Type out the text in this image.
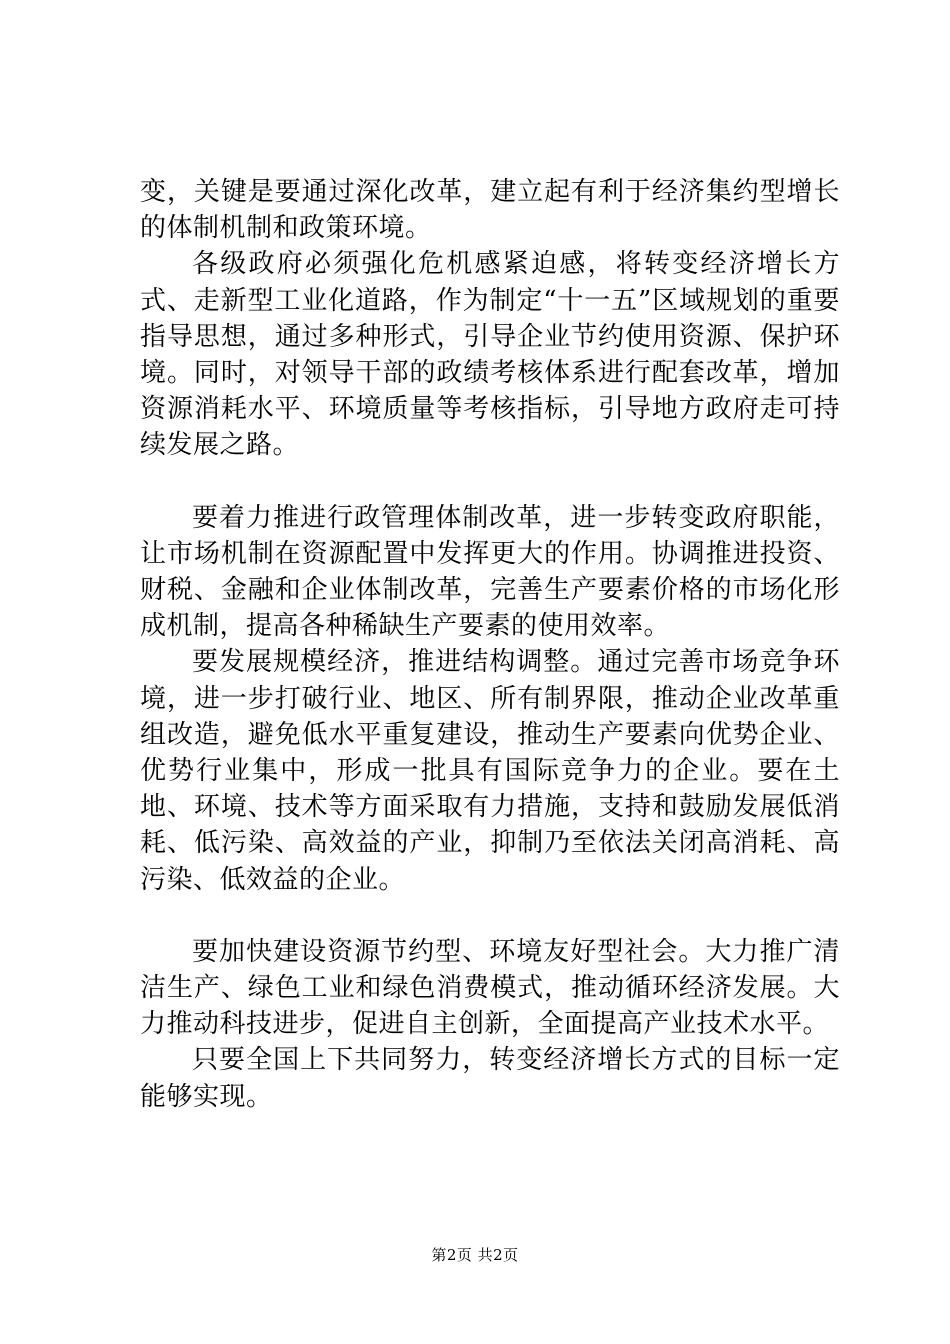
变，关键是要通过深化改革，建立起有利于经济集约型增长的体制机制和政策环境。

各级政府必须强化危机感紧迫感，将转变经济增长方式、走新型工业化道路，作为制定“十一五”区域规划的重要指导思想，通过多种形式，引导企业节约使用资源、保护环境。同时，对领导干部的政绩考核体系进行配套改革，增加资源消耗水平、环境质量等考核指标，引导地方政府走可持续发展之路。

要着力推进行政管理体制改革，进一步转变政府职能，让市场机制在资源配置中发挥更大的作用。协调推进投资、财税、金融和企业体制改革，完善生产要素价格的市场化形成机制，提高各种稀缺生产要素的使用效率。

要发展规模经济，推进结构调整。通过完善市场竞争环境，进一步打破行业、地区、所有制界限，推动企业改革重组改造，避免低水平重复建设，推动生产要素向优势企业、优势行业集中，形成一批具有国际竞争力的企业。要在土地、环境、技术等方面采取有力措施，支持和鼓励发展低消耗、低污染、高效益的产业，抑制乃至依法关闭高消耗、高污染、低效益的企业。

要加快建设资源节约型、环境友好型社会。大力推广清洁生产、绿色工业和绿色消费模式，推动循环经济发展。大力推动科技进步，促进自主创新，全面提高产业技术水平。

只要全国上下共同努力，转变经济增长方式的目标一定能够实现。

第2页 共2页
